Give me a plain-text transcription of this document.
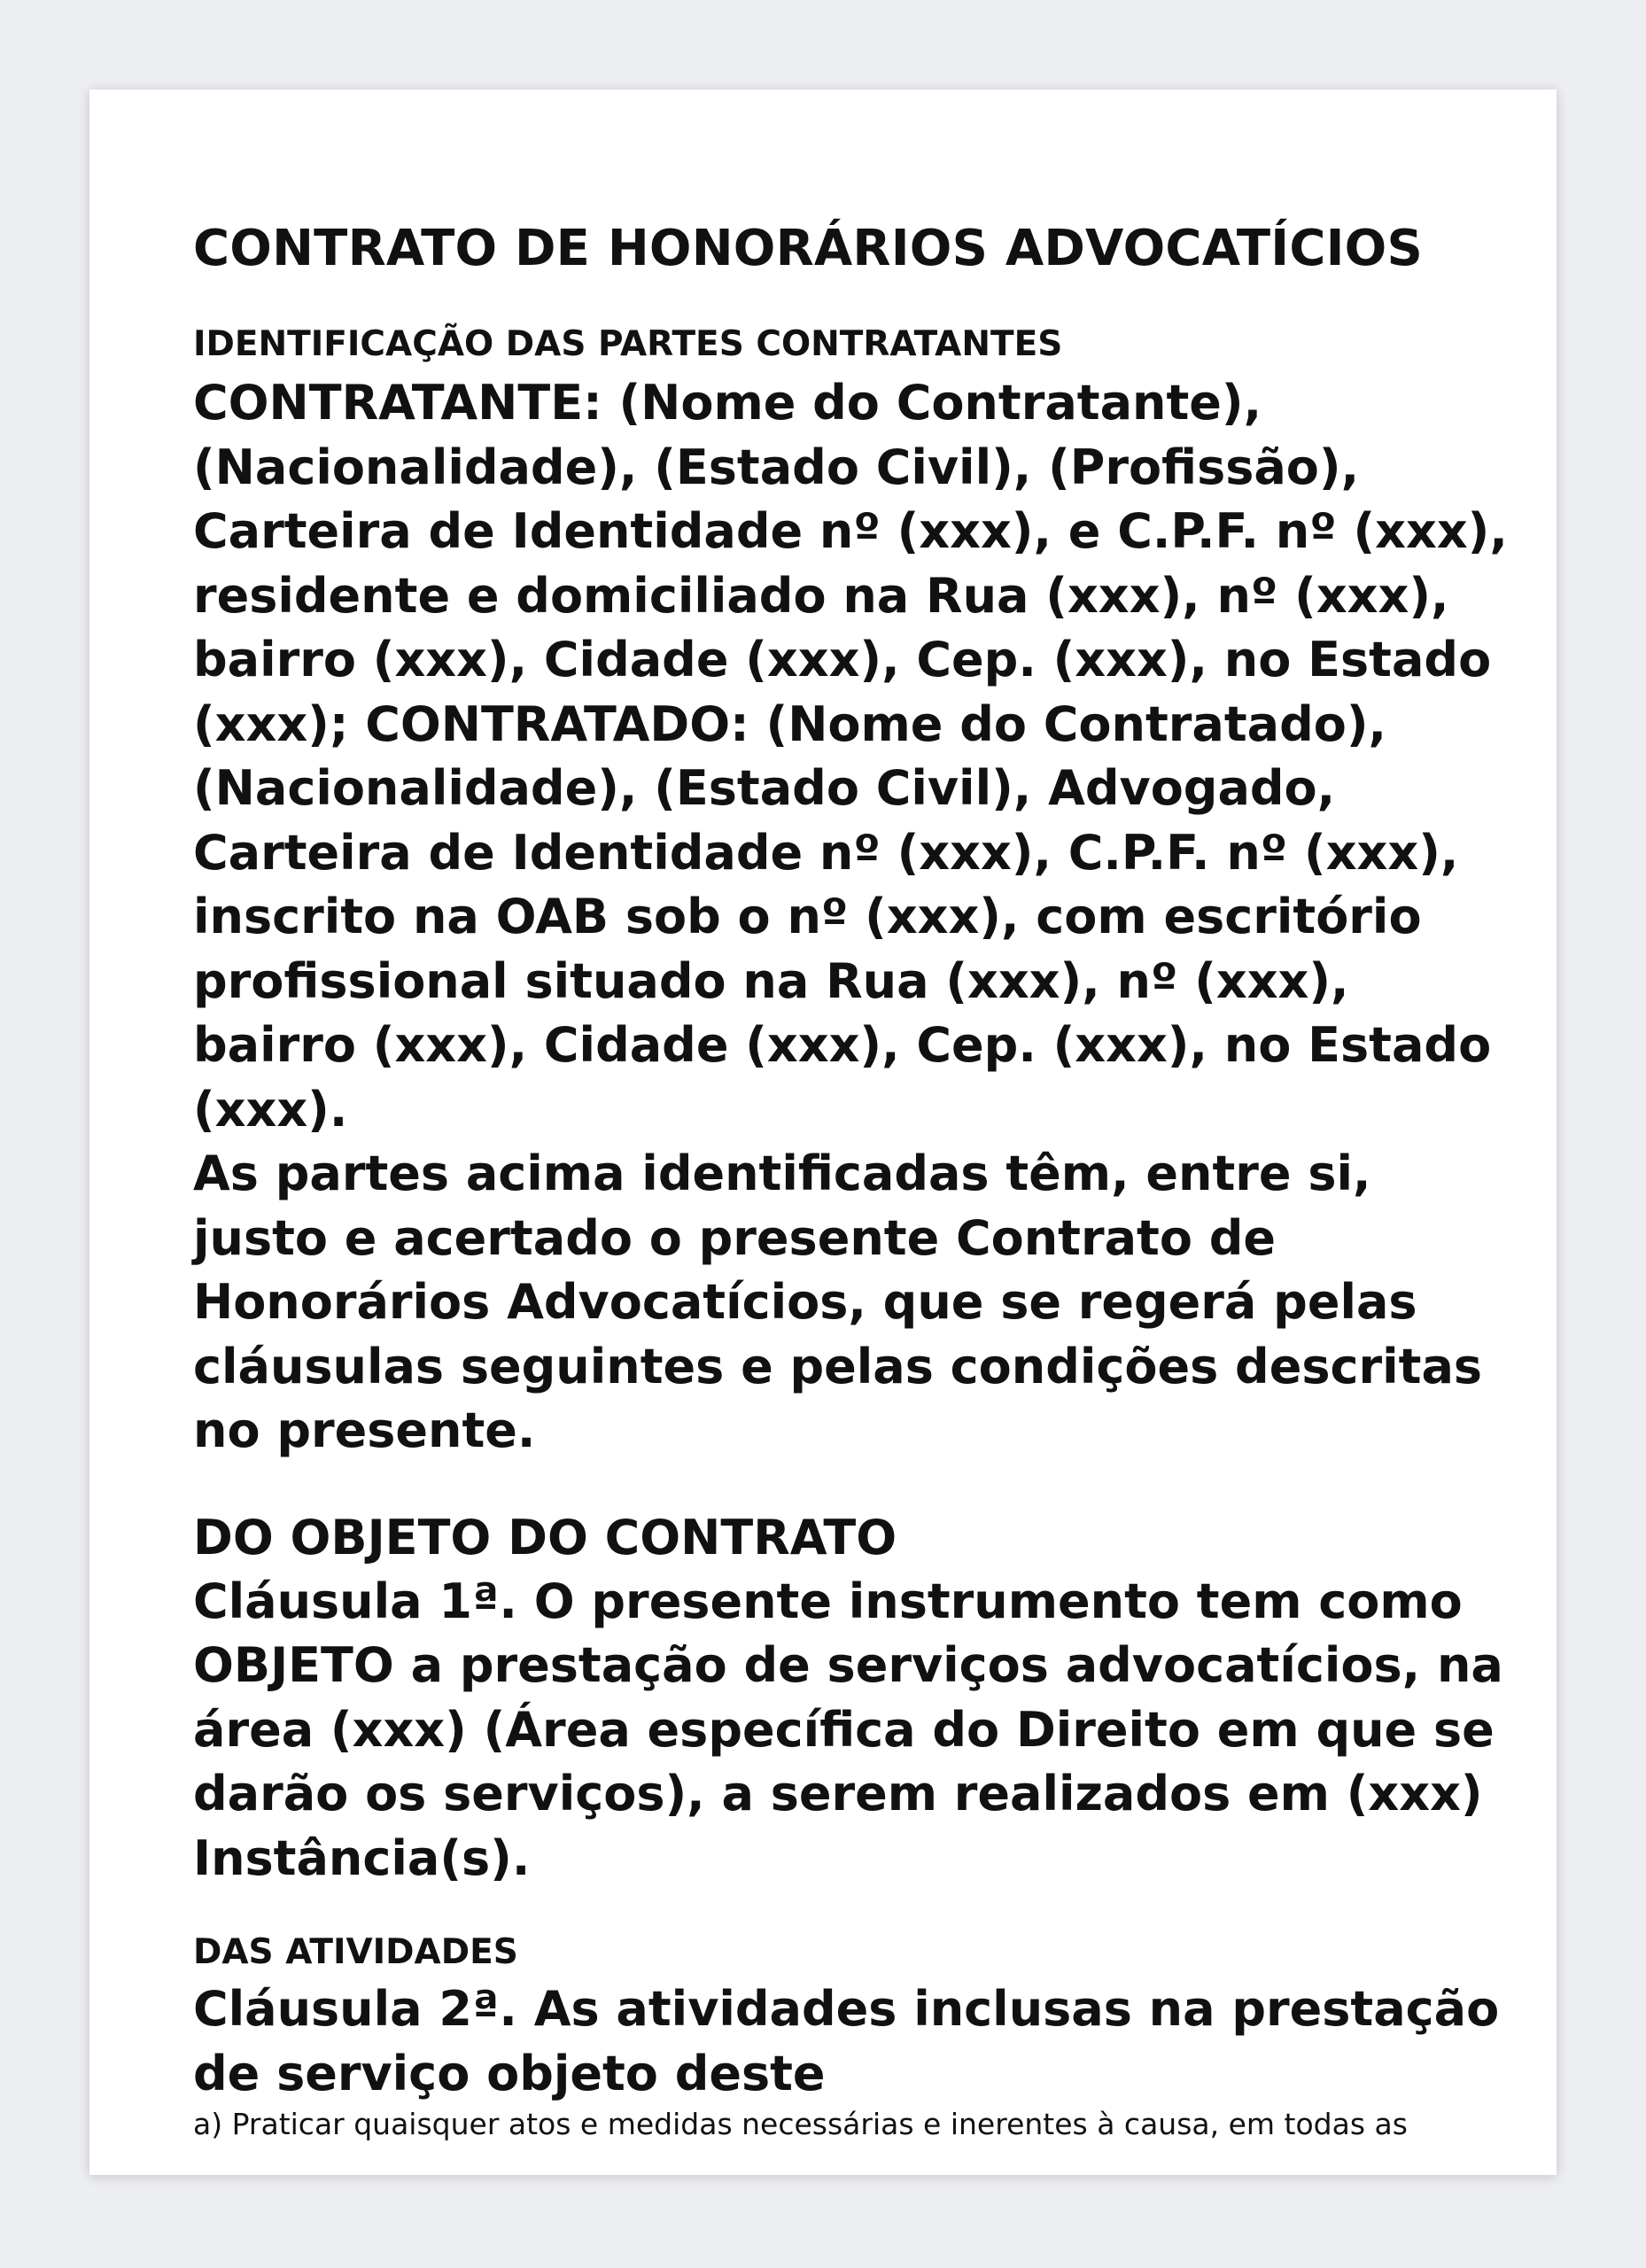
CONTRATO DE HONORÁRIOS ADVOCATÍCIOS
IDENTIFICAÇÃO DAS PARTES CONTRATANTES

CONTRATANTE: (Nome do Contratante), (Nacionalidade), (Estado Civil), (Profissão), Carteira de Identidade nº (xxx), e C.P.F. nº (xxx), residente e domiciliado na Rua (xxx), nº (xxx), bairro (xxx), Cidade (xxx), Cep. (xxx), no Estado (xxx); CONTRATADO: (Nome do Contratado), (Nacionalidade), (Estado Civil), Advogado, Carteira de Identidade nº (xxx), C.P.F. nº (xxx), inscrito na OAB sob o nº (xxx), com escritório profissional situado na Rua (xxx), nº (xxx), bairro (xxx), Cidade (xxx), Cep. (xxx), no Estado (xxx).

As partes acima identificadas têm, entre si, justo e acertado o presente Contrato de Honorários Advocatícios, que se regerá pelas cláusulas seguintes e pelas condições descritas no presente.

DO OBJETO DO CONTRATO

Cláusula 1ª. O presente instrumento tem como OBJETO a prestação de serviços advocatícios, na área (xxx) (Área específica do Direito em que se darão os serviços), a serem realizados em (xxx) Instância(s).

DAS ATIVIDADES

Cláusula 2ª. As atividades inclusas na prestação de serviço objeto deste

a) Praticar quaisquer atos e medidas necessárias e inerentes à causa, em todas as
